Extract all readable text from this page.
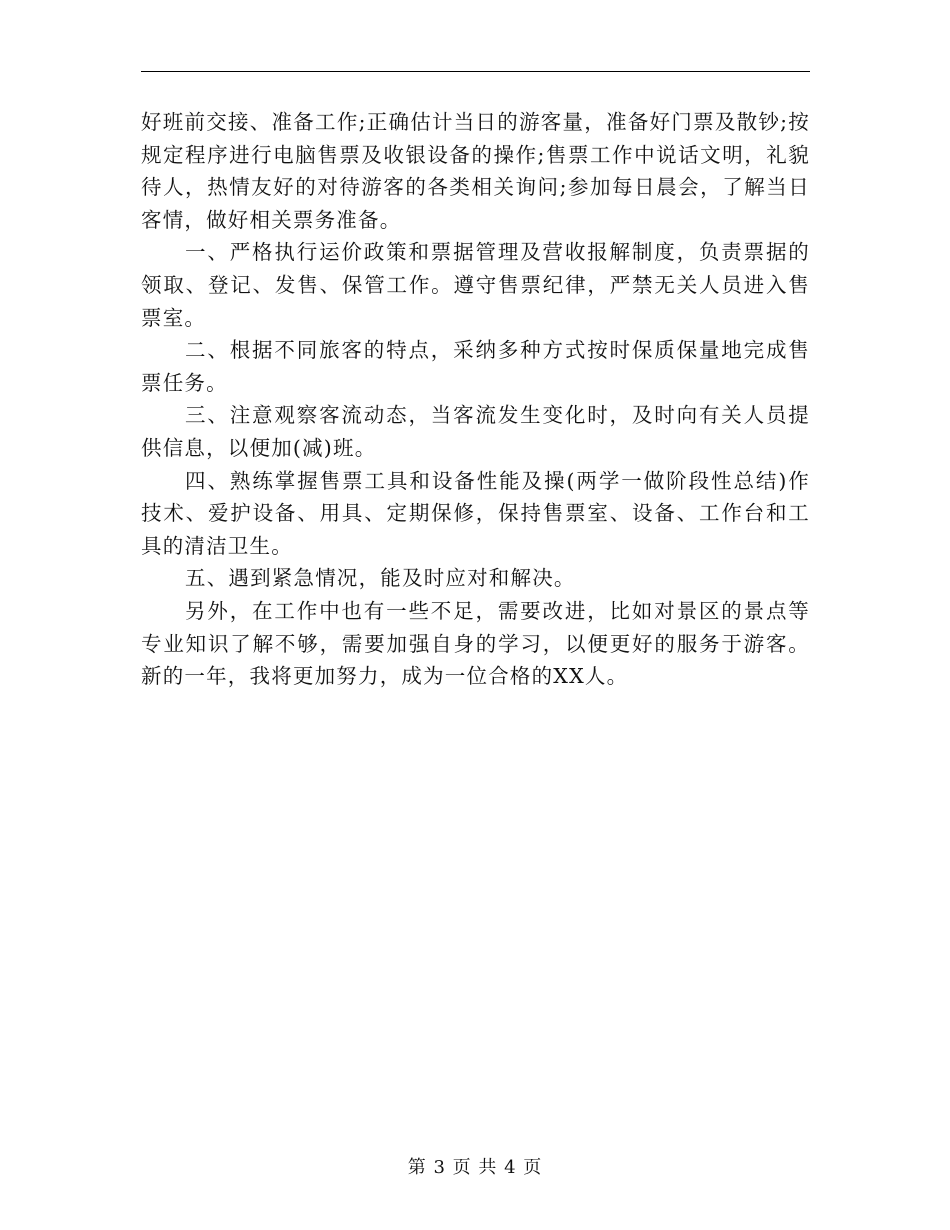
好班前交接、准备工作;正确估计当日的游客量，准备好门票及散钞;按规定程序进行电脑售票及收银设备的操作;售票工作中说话文明，礼貌待人，热情友好的对待游客的各类相关询问;参加每日晨会，了解当日客情，做好相关票务准备。

一、严格执行运价政策和票据管理及营收报解制度，负责票据的领取、登记、发售、保管工作。遵守售票纪律，严禁无关人员进入售票室。

二、根据不同旅客的特点，采纳多种方式按时保质保量地完成售票任务。

三、注意观察客流动态，当客流发生变化时，及时向有关人员提供信息，以便加(减)班。

四、熟练掌握售票工具和设备性能及操(两学一做阶段性总结)作技术、爱护设备、用具、定期保修，保持售票室、设备、工作台和工具的清洁卫生。

五、遇到紧急情况，能及时应对和解决。

另外，在工作中也有一些不足，需要改进，比如对景区的景点等专业知识了解不够，需要加强自身的学习，以便更好的服务于游客。新的一年，我将更加努力，成为一位合格的XX人。

第 3 页 共 4 页
